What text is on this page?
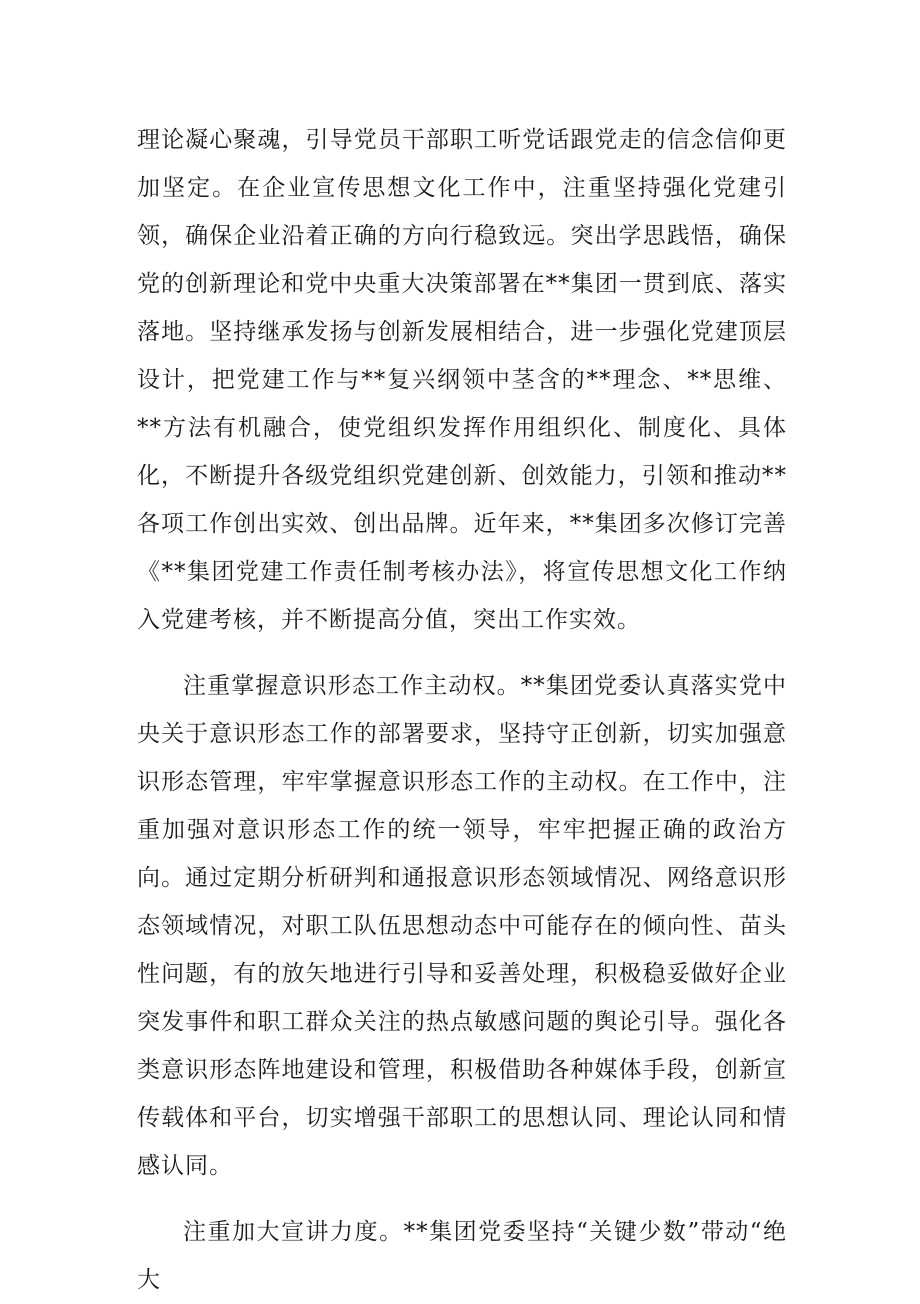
理论凝心聚魂，引导党员干部职工听党话跟党走的信念信仰更加坚定。在企业宣传思想文化工作中，注重坚持强化党建引领，确保企业沿着正确的方向行稳致远。突出学思践悟，确保党的创新理论和党中央重大决策部署在**集团一贯到底、落实落地。坚持继承发扬与创新发展相结合，进一步强化党建顶层设计，把党建工作与**复兴纲领中茎含的**理念、**思维、**方法有机融合，使党组织发挥作用组织化、制度化、具体化，不断提升各级党组织党建创新、创效能力，引领和推动**各项工作创出实效、创出品牌。近年来，**集团多次修订完善《**集团党建工作责任制考核办法》，将宣传思想文化工作纳入党建考核，并不断提高分值，突出工作实效。

注重掌握意识形态工作主动权。**集团党委认真落实党中央关于意识形态工作的部署要求，坚持守正创新，切实加强意识形态管理，牢牢掌握意识形态工作的主动权。在工作中，注重加强对意识形态工作的统一领导，牢牢把握正确的政治方向。通过定期分析研判和通报意识形态领域情况、网络意识形态领域情况，对职工队伍思想动态中可能存在的倾向性、苗头性问题，有的放矢地进行引导和妥善处理，积极稳妥做好企业突发事件和职工群众关注的热点敏感问题的舆论引导。强化各类意识形态阵地建设和管理，积极借助各种媒体手段，创新宣传载体和平台，切实增强干部职工的思想认同、理论认同和情感认同。

注重加大宣讲力度。**集团党委坚持“关键少数”带动“绝大
